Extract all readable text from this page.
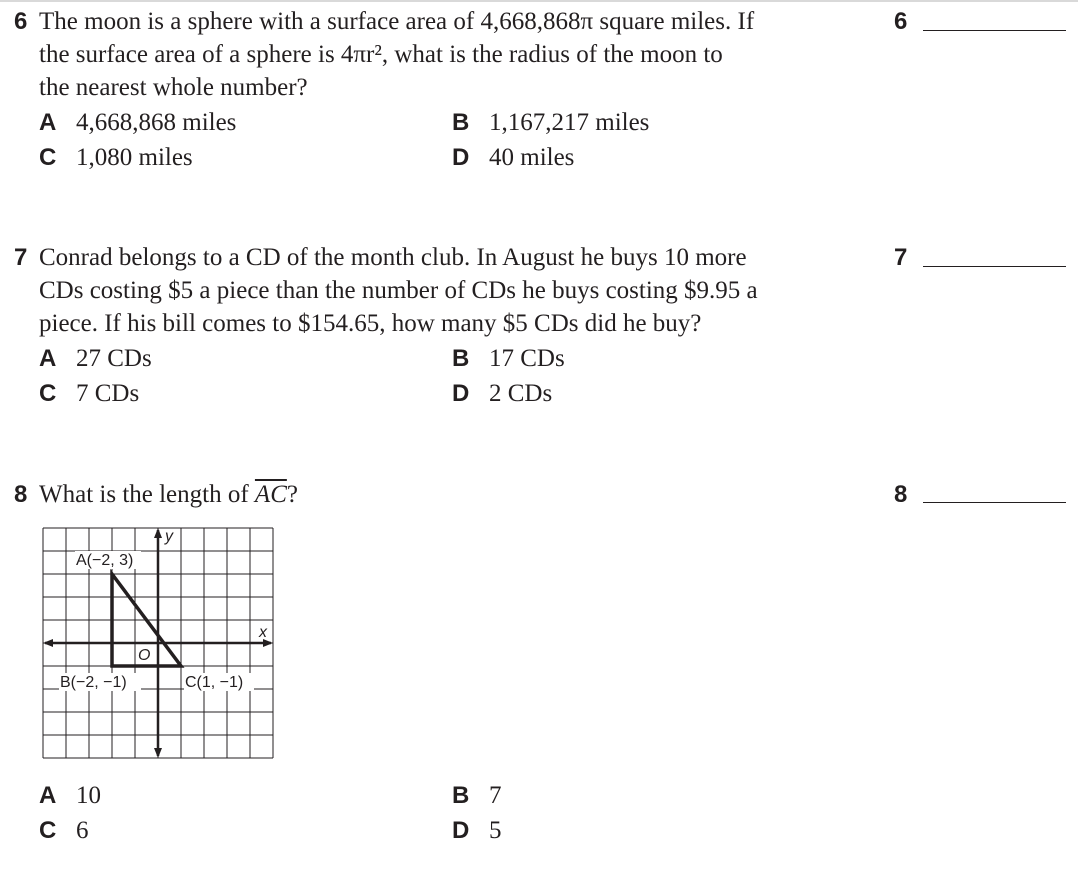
6 The moon is a sphere with a surface area of 4,668,868π square miles. If
the surface area of a sphere is 4πr², what is the radius of the moon to
the nearest whole number?
A 4,668,868 miles	B 1,167,217 miles
C 1,080 miles	D 40 miles
6
7 Conrad belongs to a CD of the month club. In August he buys 10 more
CDs costing $5 a piece than the number of CDs he buys costing $9.95 a
piece. If his bill comes to $154.65, how many $5 CDs did he buy?
A 27 CDs	B 17 CDs
C 7 CDs	D 2 CDs
7
8 What is the length of $\overline{AC}$?	8
A(−2, 3)
B(−2, −1)	C(1, −1)
O
x
y
A 10	B 7
C 6	D 5
